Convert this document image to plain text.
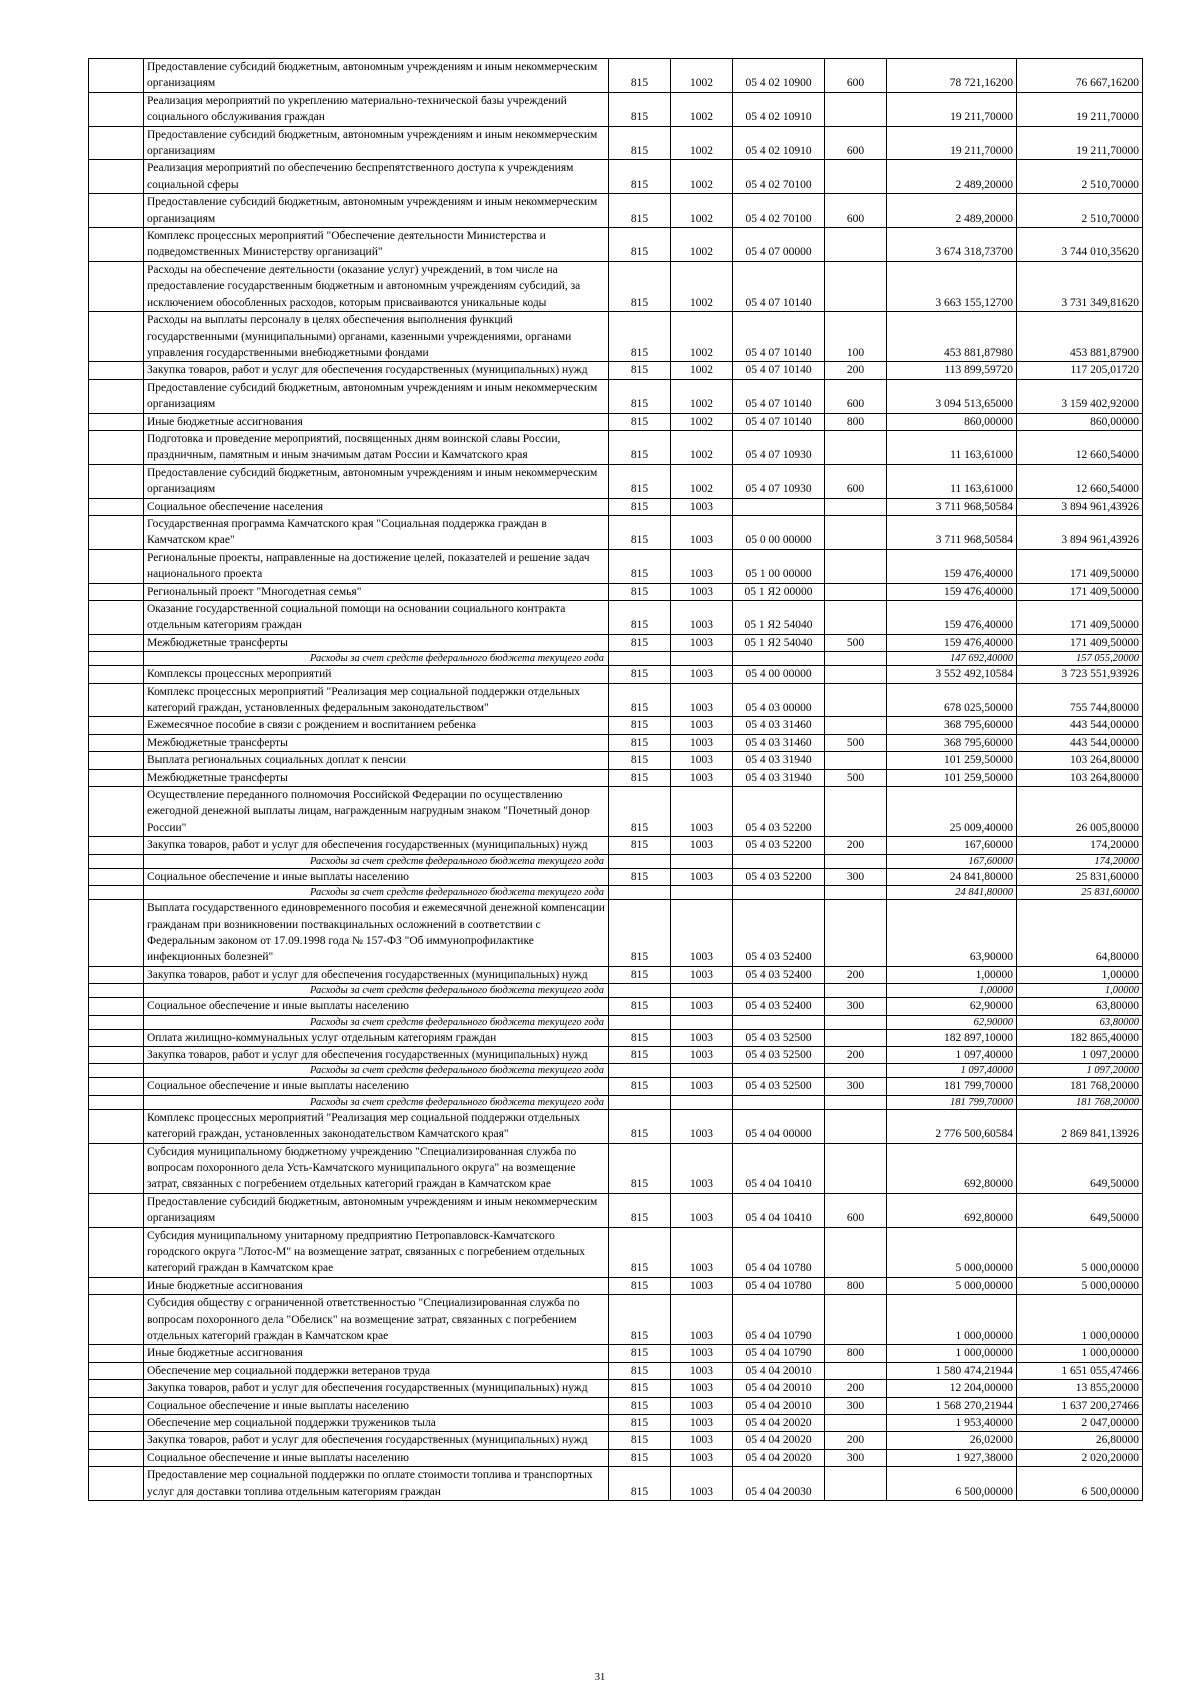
	Предоставление субсидий бюджетным, автономным учреждениям и иным некоммерческим организациям	815	1002	05 4 02 10900	600	78 721,16200	76 667,16200
	Реализация мероприятий по укреплению материально-технической базы учреждений социального обслуживания граждан	815	1002	05 4 02 10910		19 211,70000	19 211,70000
	Предоставление субсидий бюджетным, автономным учреждениям и иным некоммерческим организациям	815	1002	05 4 02 10910	600	19 211,70000	19 211,70000
	Реализация мероприятий по обеспечению беспрепятственного доступа к учреждениям социальной сферы	815	1002	05 4 02 70100		2 489,20000	2 510,70000
	Предоставление субсидий бюджетным, автономным учреждениям и иным некоммерческим организациям	815	1002	05 4 02 70100	600	2 489,20000	2 510,70000
	Комплекс процессных мероприятий "Обеспечение деятельности Министерства и подведомственных Министерству организаций"	815	1002	05 4 07 00000		3 674 318,73700	3 744 010,35620
	Расходы на обеспечение деятельности (оказание услуг) учреждений, в том числе на предоставление государственным бюджетным и автономным учреждениям субсидий, за исключением обособленных расходов, которым присваиваются уникальные коды	815	1002	05 4 07 10140		3 663 155,12700	3 731 349,81620
	Расходы на выплаты персоналу в целях обеспечения выполнения функций государственными (муниципальными) органами, казенными учреждениями, органами управления государственными внебюджетными фондами	815	1002	05 4 07 10140	100	453 881,87980	453 881,87900
	Закупка товаров, работ и услуг для обеспечения государственных (муниципальных) нужд	815	1002	05 4 07 10140	200	113 899,59720	117 205,01720
	Предоставление субсидий бюджетным, автономным учреждениям и иным некоммерческим организациям	815	1002	05 4 07 10140	600	3 094 513,65000	3 159 402,92000
	Иные бюджетные ассигнования	815	1002	05 4 07 10140	800	860,00000	860,00000
	Подготовка и проведение мероприятий, посвященных дням воинской славы России, праздничным, памятным и иным значимым датам России и Камчатского края	815	1002	05 4 07 10930		11 163,61000	12 660,54000
	Предоставление субсидий бюджетным, автономным учреждениям и иным некоммерческим организациям	815	1002	05 4 07 10930	600	11 163,61000	12 660,54000
	Социальное обеспечение населения	815	1003			3 711 968,50584	3 894 961,43926
	Государственная программа Камчатского края "Социальная поддержка граждан в Камчатском крае"	815	1003	05 0 00 00000		3 711 968,50584	3 894 961,43926
	Региональные проекты, направленные на достижение целей, показателей и решение задач национального проекта	815	1003	05 1 00 00000		159 476,40000	171 409,50000
	Региональный проект "Многодетная семья"	815	1003	05 1 Я2 00000		159 476,40000	171 409,50000
	Оказание государственной социальной помощи на основании социального контракта отдельным категориям граждан	815	1003	05 1 Я2 54040		159 476,40000	171 409,50000
	Межбюджетные трансферты	815	1003	05 1 Я2 54040	500	159 476,40000	171 409,50000
	Расходы за счет средств федерального бюджета текущего года					147 692,40000	157 055,20000
	Комплексы процессных мероприятий	815	1003	05 4 00 00000		3 552 492,10584	3 723 551,93926
	Комплекс процессных мероприятий "Реализация мер социальной поддержки отдельных категорий граждан, установленных федеральным законодательством"	815	1003	05 4 03 00000		678 025,50000	755 744,80000
	Ежемесячное пособие в связи с рождением и воспитанием ребенка	815	1003	05 4 03 31460		368 795,60000	443 544,00000
	Межбюджетные трансферты	815	1003	05 4 03 31460	500	368 795,60000	443 544,00000
	Выплата региональных социальных доплат к пенсии	815	1003	05 4 03 31940		101 259,50000	103 264,80000
	Межбюджетные трансферты	815	1003	05 4 03 31940	500	101 259,50000	103 264,80000
	Осуществление переданного полномочия Российской Федерации по осуществлению ежегодной денежной выплаты лицам, награжденным нагрудным знаком "Почетный донор России"	815	1003	05 4 03 52200		25 009,40000	26 005,80000
	Закупка товаров, работ и услуг для обеспечения государственных (муниципальных) нужд	815	1003	05 4 03 52200	200	167,60000	174,20000
	Расходы за счет средств федерального бюджета текущего года					167,60000	174,20000
	Социальное обеспечение и иные выплаты населению	815	1003	05 4 03 52200	300	24 841,80000	25 831,60000
	Расходы за счет средств федерального бюджета текущего года					24 841,80000	25 831,60000
	Выплата государственного единовременного пособия и ежемесячной денежной компенсации гражданам при возникновении поствакцинальных осложнений в соответствии с Федеральным законом от 17.09.1998 года № 157-ФЗ "Об иммунопрофилактике инфекционных болезней"	815	1003	05 4 03 52400		63,90000	64,80000
	Закупка товаров, работ и услуг для обеспечения государственных (муниципальных) нужд	815	1003	05 4 03 52400	200	1,00000	1,00000
	Расходы за счет средств федерального бюджета текущего года					1,00000	1,00000
	Социальное обеспечение и иные выплаты населению	815	1003	05 4 03 52400	300	62,90000	63,80000
	Расходы за счет средств федерального бюджета текущего года					62,90000	63,80000
	Оплата жилищно-коммунальных услуг отдельным категориям граждан	815	1003	05 4 03 52500		182 897,10000	182 865,40000
	Закупка товаров, работ и услуг для обеспечения государственных (муниципальных) нужд	815	1003	05 4 03 52500	200	1 097,40000	1 097,20000
	Расходы за счет средств федерального бюджета текущего года					1 097,40000	1 097,20000
	Социальное обеспечение и иные выплаты населению	815	1003	05 4 03 52500	300	181 799,70000	181 768,20000
	Расходы за счет средств федерального бюджета текущего года					181 799,70000	181 768,20000
	Комплекс процессных мероприятий "Реализация мер социальной поддержки отдельных категорий граждан, установленных законодательством Камчатского края"	815	1003	05 4 04 00000		2 776 500,60584	2 869 841,13926
	Субсидия муниципальному бюджетному учреждению "Специализированная служба по вопросам похоронного дела Усть-Камчатского муниципального округа" на возмещение затрат, связанных с погребением отдельных категорий граждан в Камчатском крае	815	1003	05 4 04 10410		692,80000	649,50000
	Предоставление субсидий бюджетным, автономным учреждениям и иным некоммерческим организациям	815	1003	05 4 04 10410	600	692,80000	649,50000
	Субсидия муниципальному унитарному предприятию Петропавловск-Камчатского городского округа "Лотос-М" на возмещение затрат, связанных с погребением отдельных категорий граждан в Камчатском крае	815	1003	05 4 04 10780		5 000,00000	5 000,00000
	Иные бюджетные ассигнования	815	1003	05 4 04 10780	800	5 000,00000	5 000,00000
	Субсидия обществу с ограниченной ответственностью "Специализированная служба по вопросам похоронного дела "Обелиск" на возмещение затрат, связанных с погребением отдельных категорий граждан в Камчатском крае	815	1003	05 4 04 10790		1 000,00000	1 000,00000
	Иные бюджетные ассигнования	815	1003	05 4 04 10790	800	1 000,00000	1 000,00000
	Обеспечение мер социальной поддержки ветеранов труда	815	1003	05 4 04 20010		1 580 474,21944	1 651 055,47466
	Закупка товаров, работ и услуг для обеспечения государственных (муниципальных) нужд	815	1003	05 4 04 20010	200	12 204,00000	13 855,20000
	Социальное обеспечение и иные выплаты населению	815	1003	05 4 04 20010	300	1 568 270,21944	1 637 200,27466
	Обеспечение мер социальной поддержки тружеников тыла	815	1003	05 4 04 20020		1 953,40000	2 047,00000
	Закупка товаров, работ и услуг для обеспечения государственных (муниципальных) нужд	815	1003	05 4 04 20020	200	26,02000	26,80000
	Социальное обеспечение и иные выплаты населению	815	1003	05 4 04 20020	300	1 927,38000	2 020,20000
	Предоставление мер социальной поддержки по оплате стоимости топлива и транспортных услуг для доставки топлива отдельным категориям граждан	815	1003	05 4 04 20030		6 500,00000	6 500,00000
31
